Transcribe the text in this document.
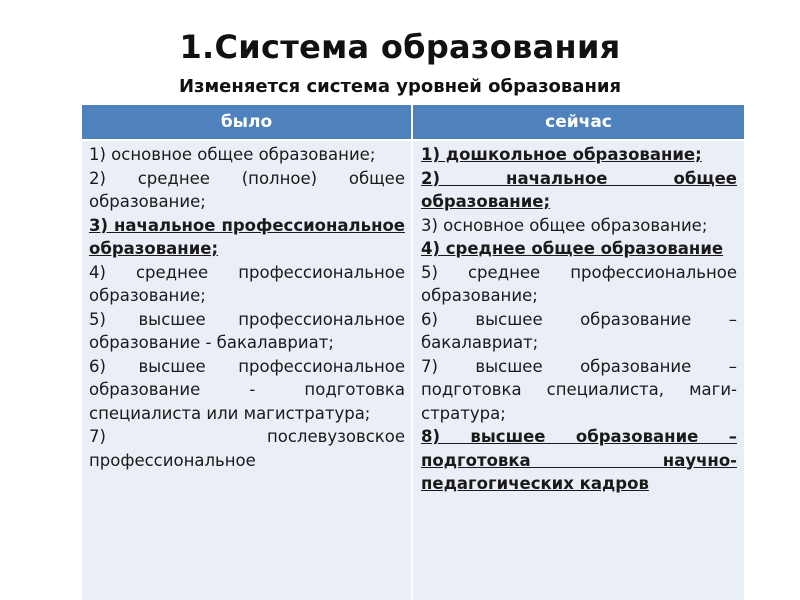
1.Система образования
Изменяется система уровней образования
было	сейчас

1) основное общее образование;

2) среднее (полное) общее образование;

3) начальное профессиональное образование;

4) среднее профессиональное образование;

5) высшее профессиональное образование - бакалавриат;

6) высшее профессиональное образование - подготовка специалиста или магистратура;

7) послевузовское профессиональное

1) дошкольное образование;

2) начальное общее образование;

3) основное общее образование;

4) среднее общее образование

5) среднее профессиональное образование;

6) высшее образование – бакалавриат;

7) высшее образование – подготовка специалиста, маги-стратура;

8) высшее образование – подготовка научно-педагогических кадров
